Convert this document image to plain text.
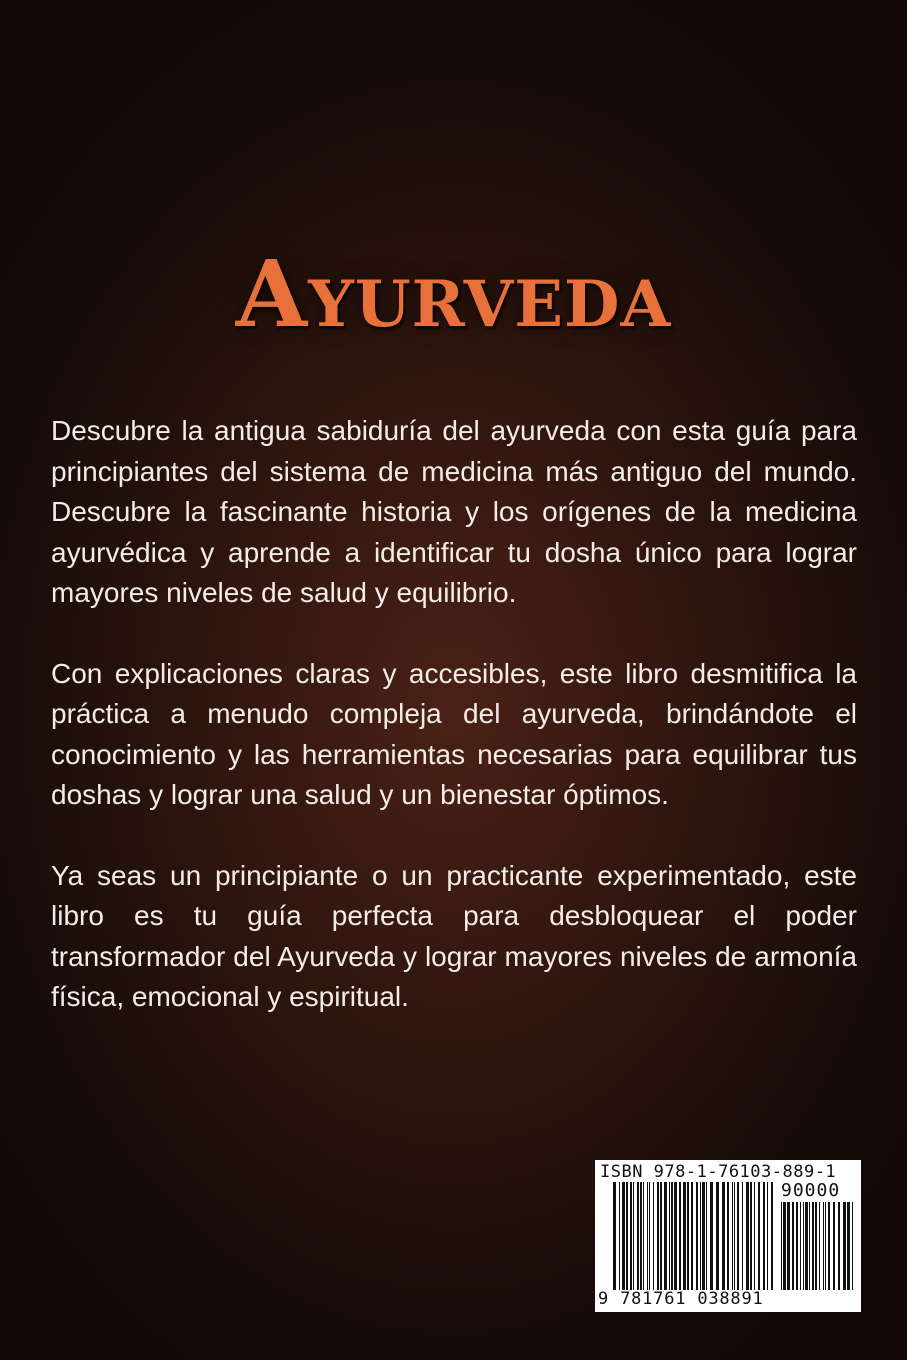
Ayurveda

Descubre la antigua sabiduría del ayurveda con esta guía para principiantes del sistema de medicina más antiguo del mundo. Descubre la fascinante historia y los orígenes de la medicina ayurvédica y aprende a identificar tu dosha único para lograr mayores niveles de salud y equilibrio.

Con explicaciones claras y accesibles, este libro desmitifica la práctica a menudo compleja del ayurveda, brindándote el conocimiento y las herramientas necesarias para equilibrar tus doshas y lograr una salud y un bienestar óptimos.

Ya seas un principiante o un practicante experimentado, este libro es tu guía perfecta para desbloquear el poder transformador del Ayurveda y lograr mayores niveles de armonía física, emocional y espiritual.

ISBN 978-1-76103-889-1
90000
9 781761 038891
